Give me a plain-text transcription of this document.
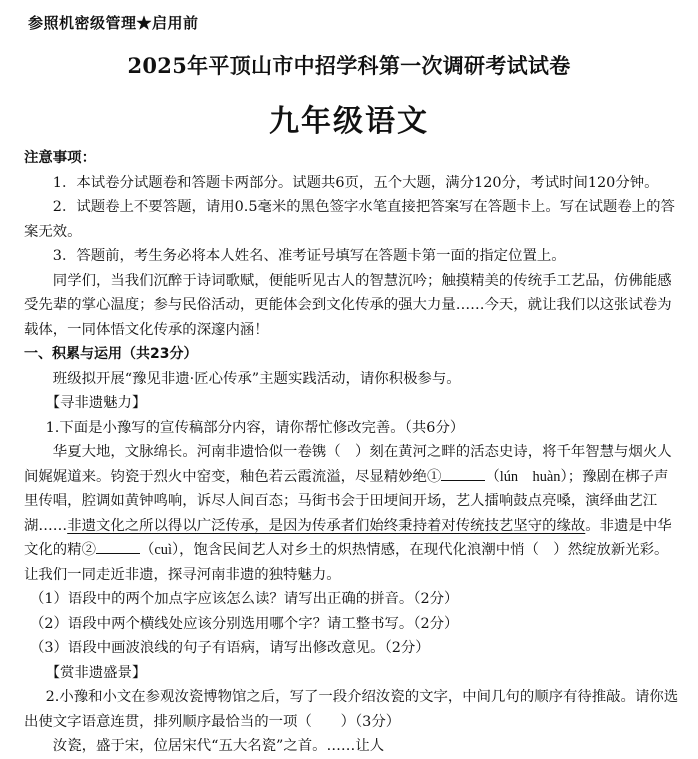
参照机密级管理★启用前
2025年平顶山市中招学科第一次调研考试试卷
九年级语文

注意事项：

1．本试卷分试题卷和答题卡两部分。试题共6页，五个大题，满分120分，考试时间120分钟。

2．试题卷上不要答题，请用0.5毫米的黑色签字水笔直接把答案写在答题卡上。写在试题卷上的答案无效。

3．答题前，考生务必将本人姓名、准考证号填写在答题卡第一面的指定位置上。

同学们，当我们沉醉于诗词歌赋，便能听见古人的智慧沉吟；触摸精美的传统手工艺品，仿佛能感受先辈的掌心温度；参与民俗活动，更能体会到文化传承的强大力量……今天，就让我们以这张试卷为载体，一同体悟文化传承的深邃内涵！

一、积累与运用（共23分）

班级拟开展“豫见非遗·匠心传承”主题实践活动，请你积极参与。

【寻非遗魅力】

1.下面是小豫写的宣传稿部分内容，请你帮忙修改完善。（共6分）

华夏大地，文脉绵长。河南非遗恰似一卷镌（　）刻在黄河之畔的活态史诗，将千年智慧与烟火人间娓娓道来。钧瓷于烈火中窑变，釉色若云霞流溢，尽显精妙绝①	（lún　huàn）；豫剧在梆子声里传唱，腔调如黄钟鸣响，诉尽人间百态；马街书会于田埂间开场，艺人擂响鼓点亮嗓，演绎曲艺江湖……非遗文化之所以得以广泛传承，是因为传承者们始终秉持着对传统技艺坚守的缘故。非遗是中华文化的精②	（cuì），饱含民间艺人对乡土的炽热情感，在现代化浪潮中悄（　）然绽放新光彩。让我们一同走近非遗，探寻河南非遗的独特魅力。

（1）语段中的两个加点字应该怎么读？请写出正确的拼音。（2分）

（2）语段中两个横线处应该分别选用哪个字？请工整书写。（2分）

（3）语段中画波浪线的句子有语病，请写出修改意见。（2分）

【赏非遗盛景】

2.小豫和小文在参观汝瓷博物馆之后，写了一段介绍汝瓷的文字，中间几句的顺序有待推敲。请你选出使文字语意连贯，排列顺序最恰当的一项（　　）（3分）

汝瓷，盛于宋，位居宋代“五大名瓷”之首。……让人
